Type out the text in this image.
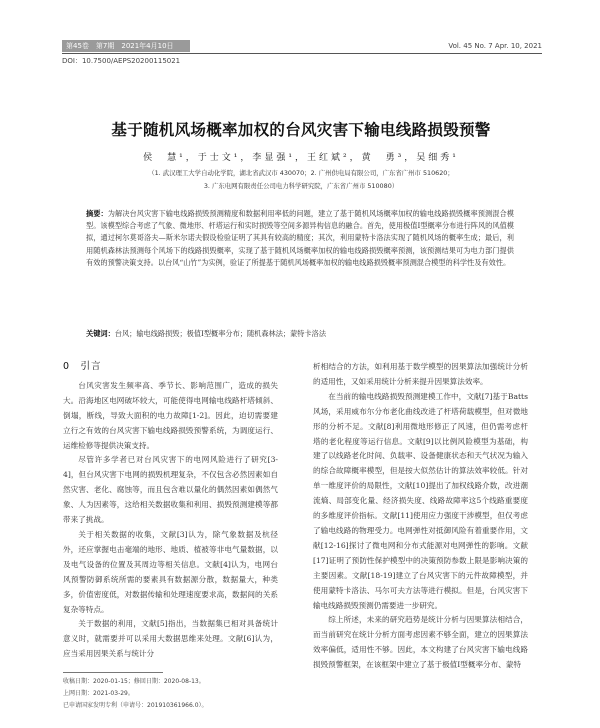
第45卷　第7期　2021年4月10日	Vol. 45 No. 7 Apr. 10, 2021
DOI：10.7500/AEPS20200115021
基于随机风场概率加权的台风灾害下输电线路损毁预警
侯　慧¹，于士文¹，李显强¹，王红斌²，黄　勇³，吴细秀¹
（1. 武汉理工大学自动化学院，湖北省武汉市 430070；2. 广州供电局有限公司，广东省广州市 510620；
3. 广东电网有限责任公司电力科学研究院，广东省广州市 510080）
摘要：为解决台风灾害下输电线路损毁预测精度和数据利用率低的问题，建立了基于随机风场概率加权的输电线路损毁概率预测混合模型。该模型综合考虑了气象、微地形、杆塔运行和实时损毁等空间多源异构信息的融合。首先，使用极值Ⅰ型概率分布进行阵风的风值模拟，通过柯尔莫哥洛夫—斯米尔诺夫假设检验证明了其具有较高的精度；其次，利用蒙特卡洛法实现了随机风场的概率生成；最后，利用随机森林法预测每个风场下的线路损毁概率，实现了基于随机风场概率加权的输电线路损毁概率预测，该预测结果可为电力部门提供有效的预警决策支持。以台风“山竹”为实例，验证了所提基于随机风场概率加权的输电线路损毁概率预测混合模型的科学性及有效性。
关键词：台风；输电线路损毁；极值Ⅰ型概率分布；随机森林法；蒙特卡洛法
0　引言

台风灾害发生频率高、季节长、影响范围广，造成的损失大。沿海地区电网破坏较大，可能使得电网输电线路杆塔倾斜、倒塌，断线，导致大面积的电力故障[1-2]。因此，迫切需要建立行之有效的台风灾害下输电线路损毁预警系统，为调度运行、运维检修等提供决策支持。

尽管许多学者已对台风灾害下的电网风险进行了研究[3-4]，但台风灾害下电网的损毁机理复杂，不仅包含必然因素如自然灾害、老化、腐蚀等，而且包含难以量化的偶然因素如偶然气象、人为因素等，这给相关数据收集和利用、损毁预测建模等都带来了挑战。

关于相关数据的收集，文献[3]认为，除气象数据及杭径外，还应掌握电击毫端的地形、地质、植被等非电气量数据，以及电气设备的位置及其周边等相关信息。文献[4]认为，电网台风预警防御系统所需的要素具有数据源分散，数据量大，种类多，价值密度低，对数据传输和处理速度要求高，数据间的关系复杂等特点。

关于数据的利用，文献[5]指出，当数据集已相对具备统计意义时，就需要并可以采用大数据思维来处理。文献[6]认为，应当采用因果关系与统计分

析相结合的方法，如利用基于数学模型的因果算法加强统计分析的适用性，又如采用统计分析来提升因果算法效率。

在当前的输电线路损毁预测建模工作中，文献[7]基于Batts风场，采用威布尔分布老化曲线改进了杆塔荷载模型，但对微地形的分析不足。文献[8]利用微地形修正了风速，但仍需考虑杆塔的老化程度等运行信息。文献[9]以比例风险模型为基础，构建了以线路老化时间、负载率、设备健康状态和天气状况为输入的综合故障概率模型，但是按大似然估计的算法效率较低。针对单一维度评价的局限性，文献[10]提出了加权线路介数，改进潮流熵、局部变化量、经济损失度、线路故障率这5个线路重要度的多维度评价指标。文献[11]使用应力强度干涉模型，但仅考虑了输电线路的物理受力。电网弹性对抵御风险有着重要作用，文献[12-16]探讨了微电网和分布式能源对电网弹性的影响。文献[17]证明了预防性保护模型中的决策预防参数上限是影响决策的主要因素。文献[18-19]建立了台风灾害下的元件故障模型，并使用蒙特卡洛法、马尔可夫方法等进行模拟。但是，台风灾害下输电线路损毁预测仍需要进一步研究。

综上所述，未来的研究趋势是统计分析与因果算法相结合，而当前研究在统计分析方面考虑因素不够全面，建立的因果算法效率偏低，适用性不够。因此，本文构建了台风灾害下输电线路损毁预警框架，在该框架中建立了基于极值Ⅰ型概率分布、蒙特

收稿日期：2020-01-15；修回日期：2020-08-13。
上网日期：2021-03-29。
已申请国家发明专利（申请号：201910361966.0）。
